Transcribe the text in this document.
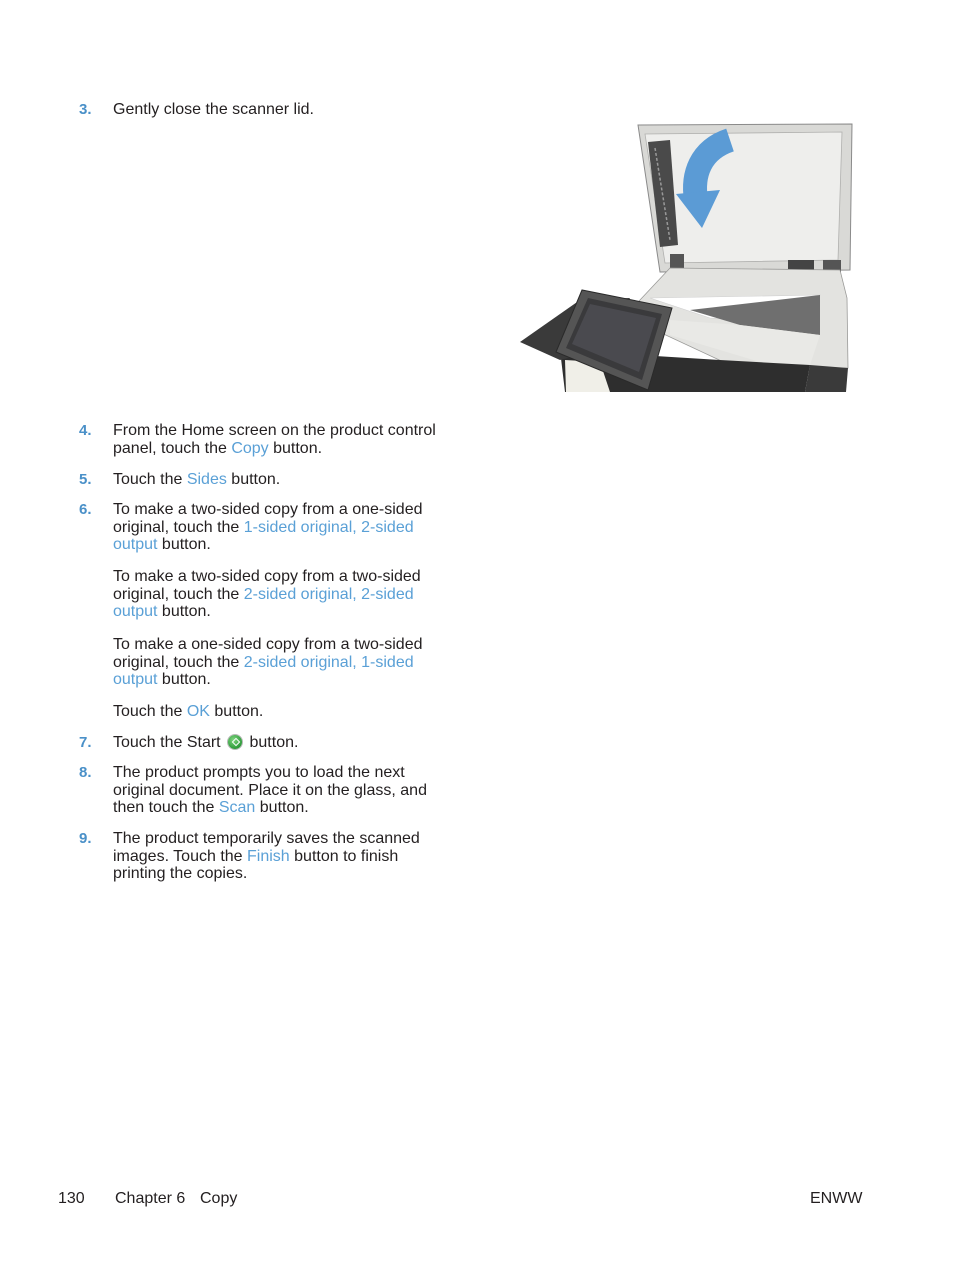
3. Gently close the scanner lid.

4. From the Home screen on the product control panel, touch the Copy button.

5. Touch the Sides button.

6. To make a two-sided copy from a one-sided original, touch the 1-sided original, 2-sided output button.

To make a two-sided copy from a two-sided original, touch the 2-sided original, 2-sided output button.

To make a one-sided copy from a two-sided original, touch the 2-sided original, 1-sided output button.

Touch the OK button.

7. Touch the Start  button.

8. The product prompts you to load the next original document. Place it on the glass, and then touch the Scan button.

9. The product temporarily saves the scanned images. Touch the Finish button to finish printing the copies.

130 Chapter 6 Copy	ENWW
